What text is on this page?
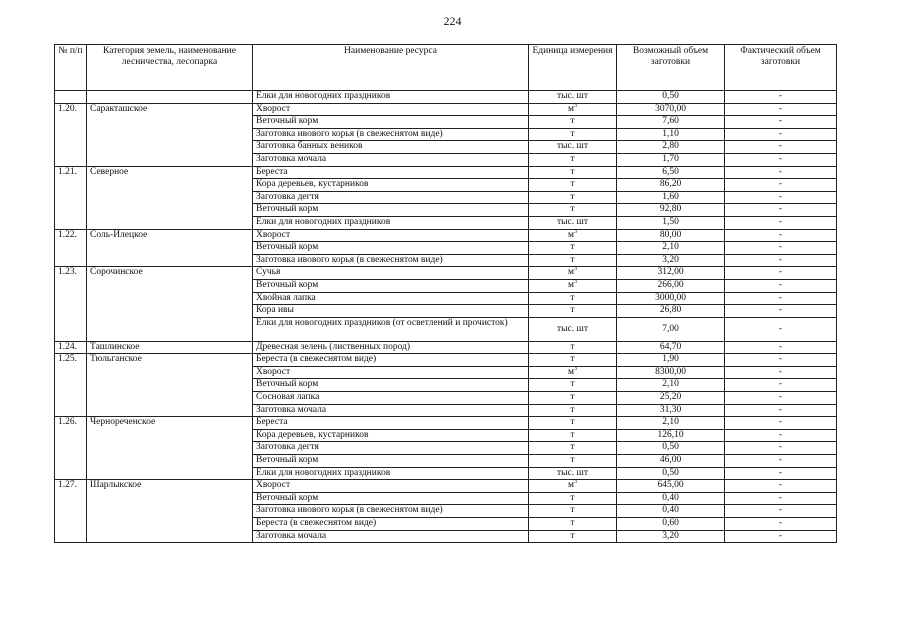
224
№ п/п	Категория земель, наименование лесничества, лесопарка	Наименование ресурса	Единица измерения	Возможный объем заготовки	Фактический объем заготовки
		Елки для новогодних праздников	тыс. шт	0,50	-
1.20.	Саракташское	Хворост	$м^3$	3070,00	-
		Веточный корм	т	7,60	-
		Заготовка ивового корья (в свежеснятом виде)	т	1,10	-
		Заготовка банных веников	тыс. шт	2,80	-
		Заготовка мочала	т	1,70	-
1.21.	Северное	Береста	т	6,50	-
		Кора деревьев, кустарников	т	86,20	-
		Заготовка дегтя	т	1,60	-
		Веточный корм	т	92,80	-
		Елки для новогодних праздников	тыс. шт	1,50	-
1.22.	Соль-Илецкое	Хворост	$м^3$	80,00	-
		Веточный корм	т	2,10	-
		Заготовка ивового корья (в свежеснятом виде)	т	3,20	-
1.23.	Сорочинское	Сучья	$м^3$	312,00	-
		Веточный корм	$м^3$	266,00	-
		Хвойная лапка	т	3000,00	-
		Кора ивы	т	26,80	-
		Елки для новогодних праздников (от осветлений и прочисток)	тыс. шт	7,00	-
1.24.	Ташлинское	Древесная зелень (лиственных пород)	т	64,70	-
1.25.	Тюльганское	Береста (в свежеснятом виде)	т	1,90	-
		Хворост	$м^3$	8300,00	-
		Веточный корм	т	2,10	-
		Сосновая лапка	т	25,20	-
		Заготовка мочала	т	31,30	-
1.26.	Чернореченское	Береста	т	2,10	-
		Кора деревьев, кустарников	т	126,10	-
		Заготовка дегтя	т	0,50	-
		Веточный корм	т	46,00	-
		Елки для новогодних праздников	тыс. шт	0,50	-
1.27.	Шарлыкское	Хворост	$м^3$	645,00	-
		Веточный корм	т	0,40	-
		Заготовка ивового корья (в свежеснятом виде)	т	0,40	-
		Береста (в свежеснятом виде)	т	0,60	-
		Заготовка мочала	т	3,20	-
